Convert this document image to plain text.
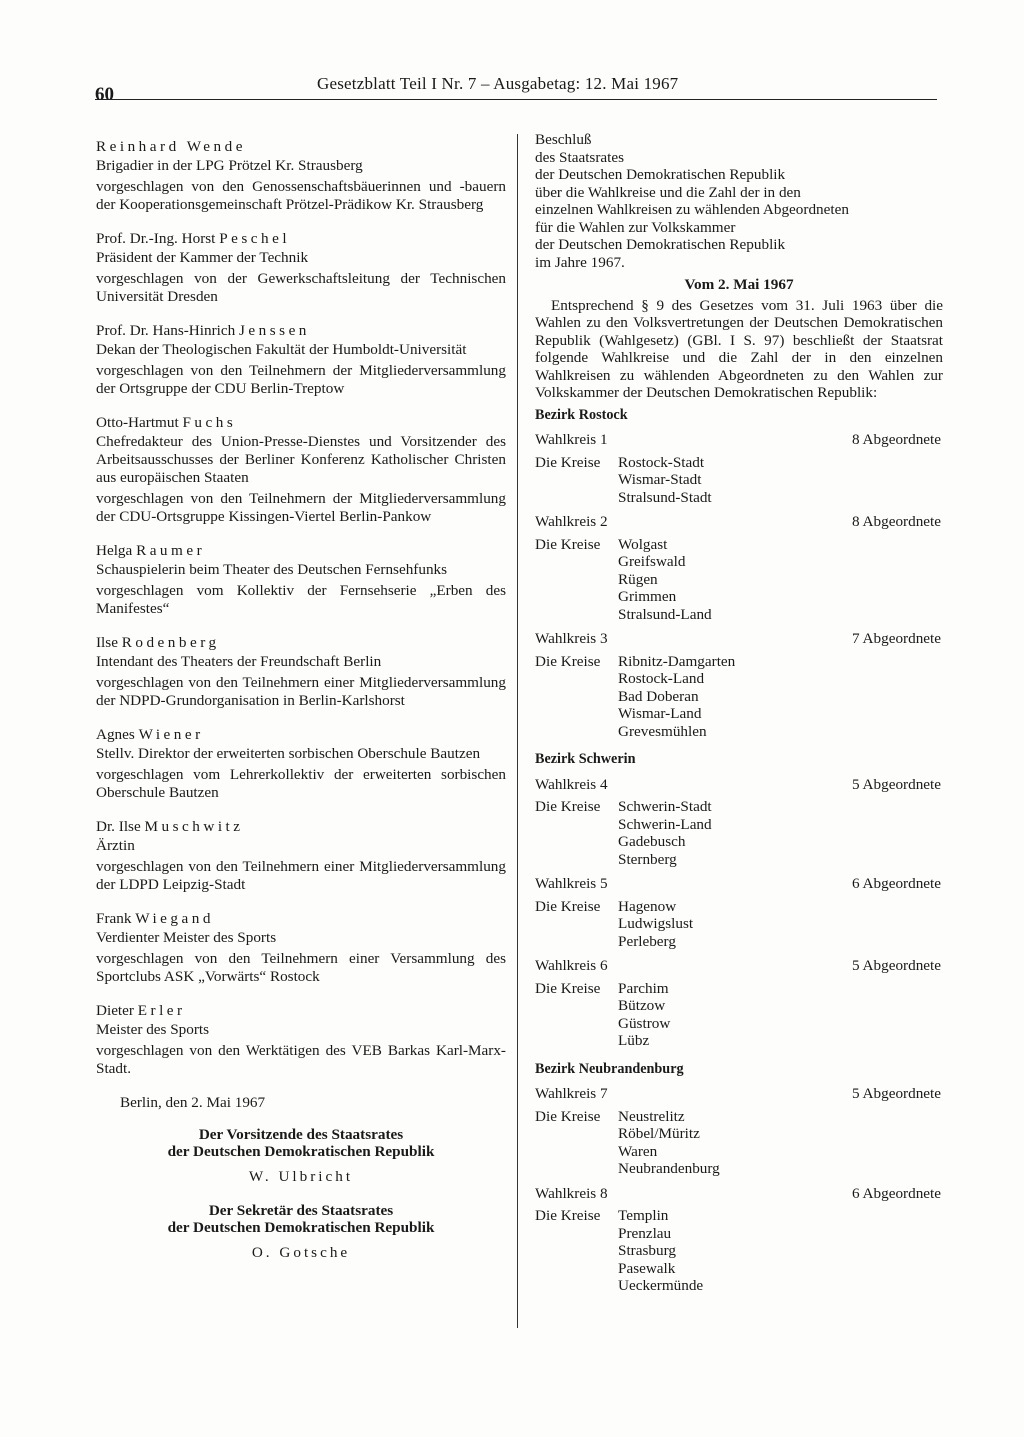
60
Gesetzblatt Teil I Nr. 7 – Ausgabetag: 12. Mai 1967
Reinhard Wende
Brigadier in der LPG Prötzel Kr. Strausberg
vorgeschlagen von den Genossenschaftsbäuerinnen und -bauern der Kooperationsgemeinschaft Prötzel-Prädikow Kr. Strausberg
Prof. Dr.-Ing. Horst Peschel
Präsident der Kammer der Technik
vorgeschlagen von der Gewerkschaftsleitung der Technischen Universität Dresden
Prof. Dr. Hans-Hinrich Jenssen
Dekan der Theologischen Fakultät der Humboldt-Universität
vorgeschlagen von den Teilnehmern der Mitgliederversammlung der Ortsgruppe der CDU Berlin-Treptow
Otto-Hartmut Fuchs
Chefredakteur des Union-Presse-Dienstes und Vorsitzender des Arbeitsausschusses der Berliner Konferenz Katholischer Christen aus europäischen Staaten
vorgeschlagen von den Teilnehmern der Mitgliederversammlung der CDU-Ortsgruppe Kissingen-Viertel Berlin-Pankow
Helga Raumer
Schauspielerin beim Theater des Deutschen Fernsehfunks
vorgeschlagen vom Kollektiv der Fernsehserie „Erben des Manifestes“
Ilse Rodenberg
Intendant des Theaters der Freundschaft Berlin
vorgeschlagen von den Teilnehmern einer Mitgliederversammlung der NDPD-Grundorganisation in Berlin-Karlshorst
Agnes Wiener
Stellv. Direktor der erweiterten sorbischen Oberschule Bautzen
vorgeschlagen vom Lehrerkollektiv der erweiterten sorbischen Oberschule Bautzen
Dr. Ilse Muschwitz
Ärztin
vorgeschlagen von den Teilnehmern einer Mitgliederversammlung der LDPD Leipzig-Stadt
Frank Wiegand
Verdienter Meister des Sports
vorgeschlagen von den Teilnehmern einer Versammlung des Sportclubs ASK „Vorwärts“ Rostock
Dieter Erler
Meister des Sports
vorgeschlagen von den Werktätigen des VEB Barkas Karl-Marx-Stadt.
Berlin, den 2. Mai 1967
Der Vorsitzende des Staatsrates
der Deutschen Demokratischen Republik
W. Ulbricht
Der Sekretär des Staatsrates
der Deutschen Demokratischen Republik
O. Gotsche
Beschluß
des Staatsrates
der Deutschen Demokratischen Republik
über die Wahlkreise und die Zahl der in den
einzelnen Wahlkreisen zu wählenden Abgeordneten
für die Wahlen zur Volkskammer
der Deutschen Demokratischen Republik
im Jahre 1967.
Vom 2. Mai 1967
Entsprechend § 9 des Gesetzes vom 31. Juli 1963 über die Wahlen zu den Volksvertretungen der Deutschen Demokratischen Republik (Wahlgesetz) (GBl. I S. 97) beschließt der Staatsrat folgende Wahlkreise und die Zahl der in den einzelnen Wahlkreisen zu wählenden Abgeordneten zu den Wahlen zur Volkskammer der Deutschen Demokratischen Republik:
Bezirk Rostock
Wahlkreis 1	8 Abgeordnete
Die Kreise	Rostock-Stadt
Wismar-Stadt
Stralsund-Stadt
Wahlkreis 2	8 Abgeordnete
Die Kreise	Wolgast
Greifswald
Rügen
Grimmen
Stralsund-Land
Wahlkreis 3	7 Abgeordnete
Die Kreise	Ribnitz-Damgarten
Rostock-Land
Bad Doberan
Wismar-Land
Grevesmühlen
Bezirk Schwerin
Wahlkreis 4	5 Abgeordnete
Die Kreise	Schwerin-Stadt
Schwerin-Land
Gadebusch
Sternberg
Wahlkreis 5	6 Abgeordnete
Die Kreise	Hagenow
Ludwigslust
Perleberg
Wahlkreis 6	5 Abgeordnete
Die Kreise	Parchim
Bützow
Güstrow
Lübz
Bezirk Neubrandenburg
Wahlkreis 7	5 Abgeordnete
Die Kreise	Neustrelitz
Röbel/Müritz
Waren
Neubrandenburg
Wahlkreis 8	6 Abgeordnete
Die Kreise	Templin
Prenzlau
Strasburg
Pasewalk
Ueckermünde
